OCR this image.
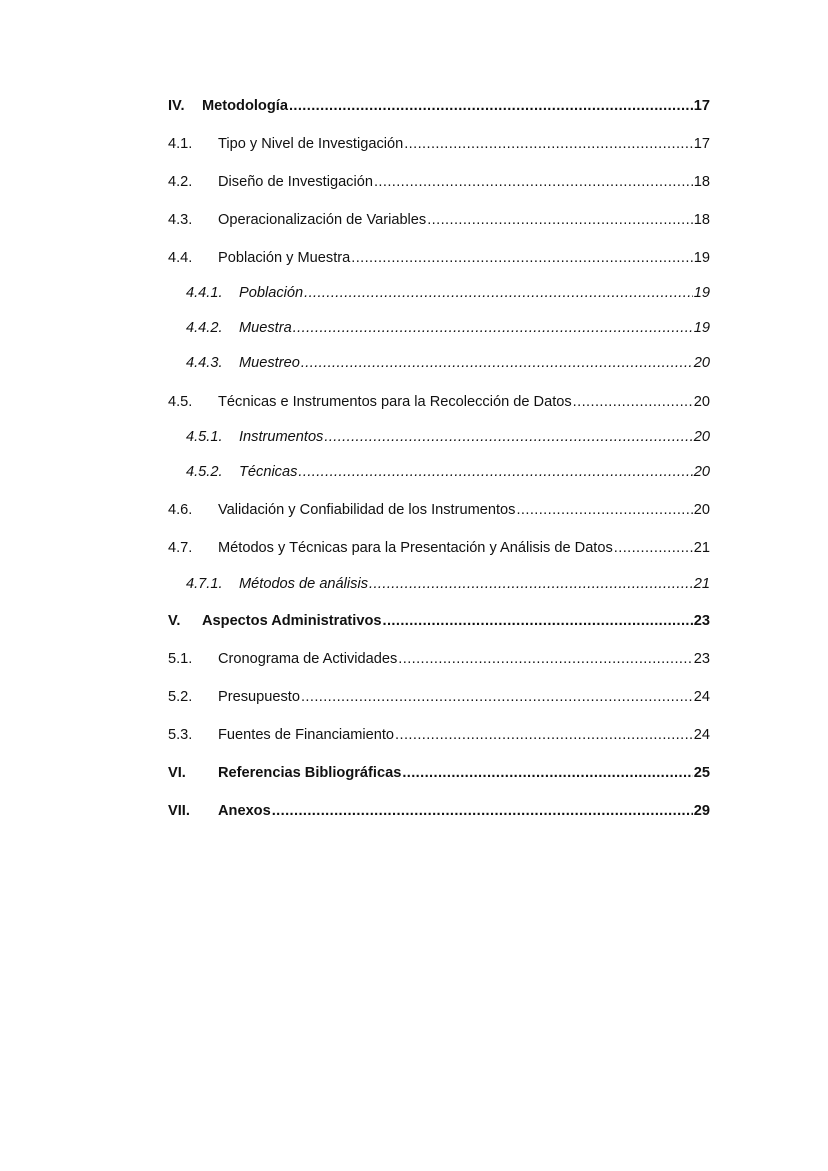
IV. Metodología .....	17
4.1. Tipo y Nivel de Investigación .....	17
4.2. Diseño de Investigación .....	18
4.3. Operacionalización de Variables .....	18
4.4. Población y Muestra .....	19
4.4.1. Población .....	19
4.4.2. Muestra .....	19
4.4.3. Muestreo .....	20
4.5. Técnicas e Instrumentos para la Recolección de Datos .....	20
4.5.1. Instrumentos .....	20
4.5.2. Técnicas .....	20
4.6. Validación y Confiabilidad de los Instrumentos .....	20
4.7. Métodos y Técnicas para la Presentación y Análisis de Datos .....	21
4.7.1. Métodos de análisis .....	21
V. Aspectos Administrativos .....	23
5.1. Cronograma de Actividades .....	23
5.2. Presupuesto .....	24
5.3. Fuentes de Financiamiento .....	24
VI. Referencias Bibliográficas .....	25
VII. Anexos .....	29
